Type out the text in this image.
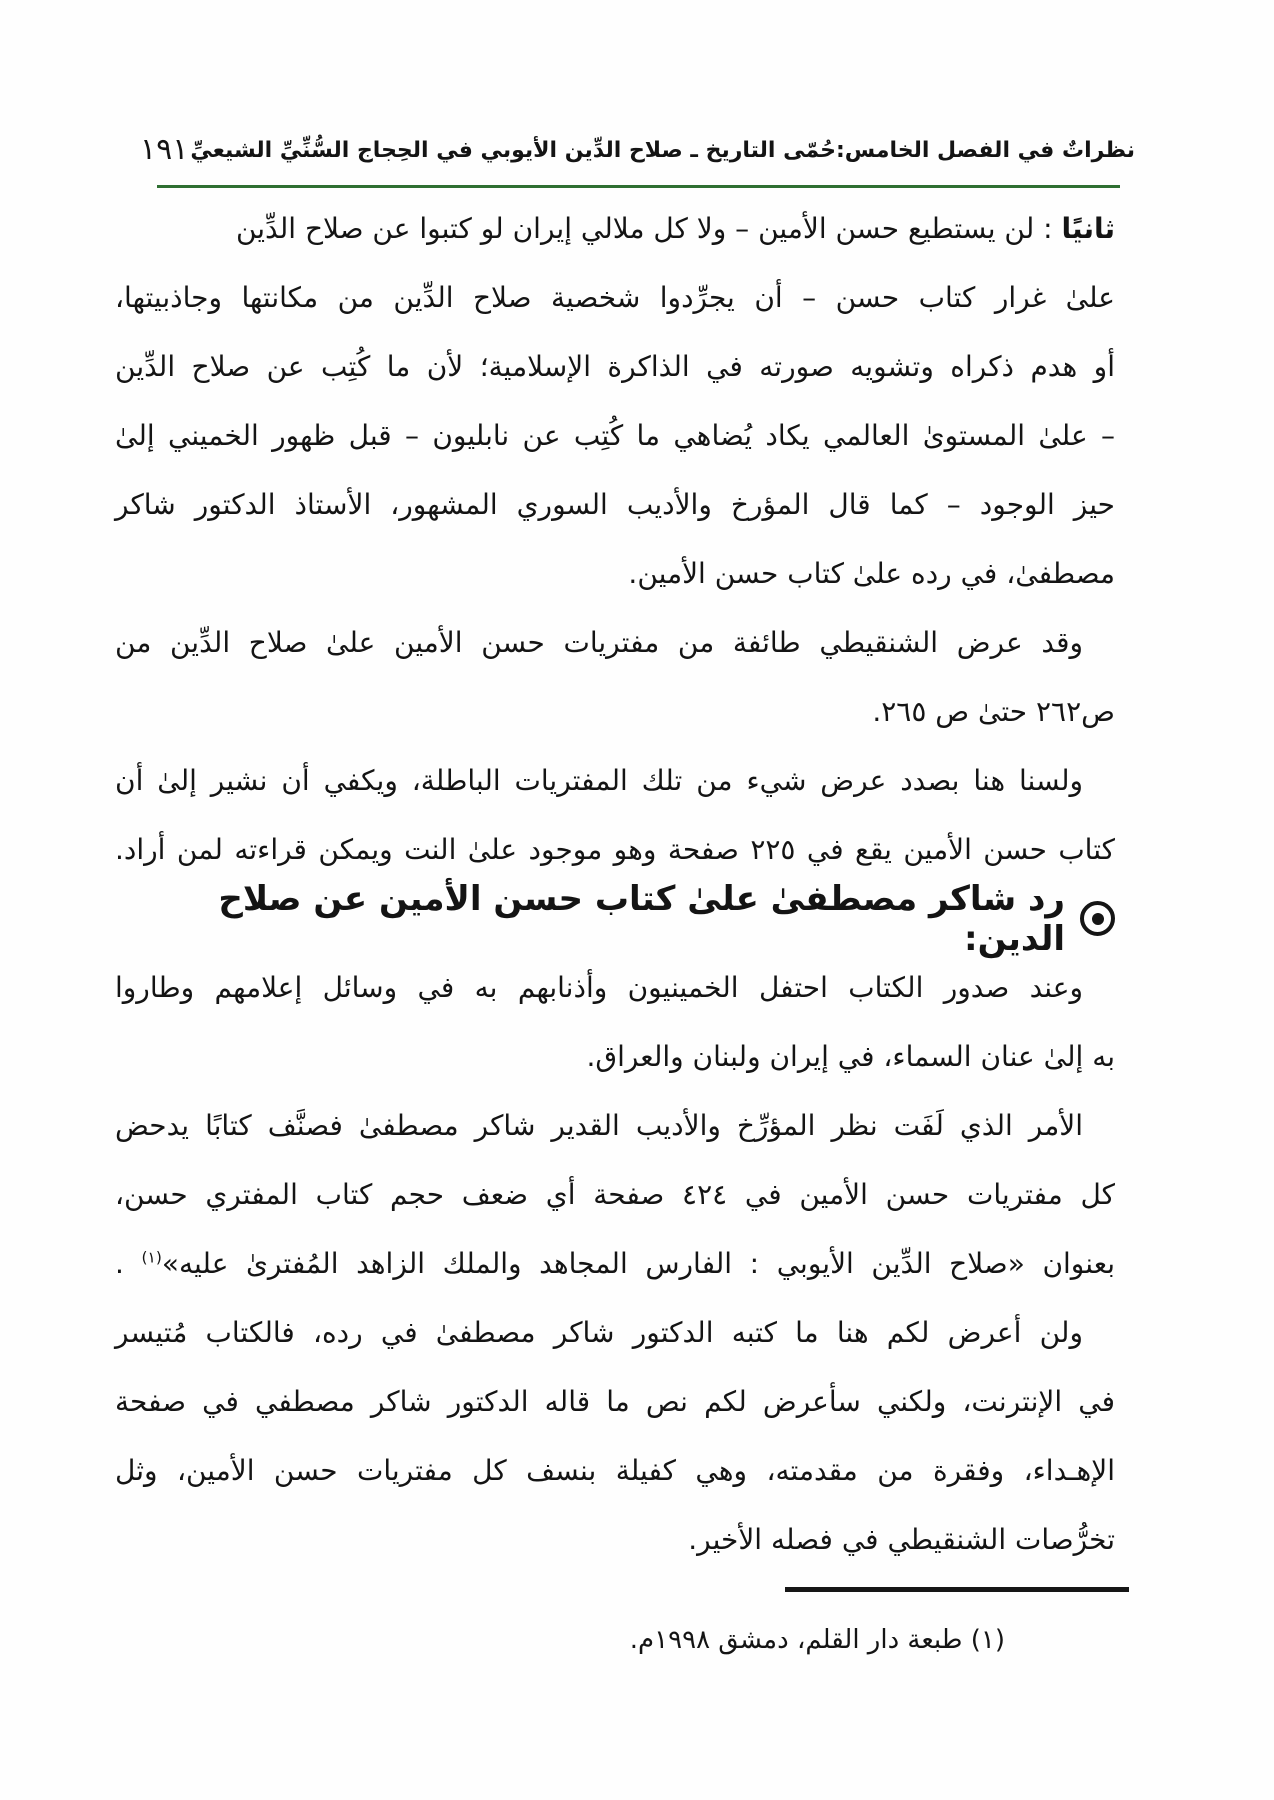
١٩١ نظراتٌ في الفصل الخامس:حُمّى التاريخ ـ صلاح الدِّين الأيوبي في الحِجاج السُّنِّيِّ الشيعيِّ

ثانيًا : لن يستطيع حسن الأمين – ولا كل ملالي إيران لو كتبوا عن صلاح الدِّين
علىٰ غرار كتاب حسن – أن يجرِّدوا شخصية صلاح الدِّين من مكانتها وجاذبيتها،
أو هدم ذكراه وتشويه صورته في الذاكرة الإسلامية؛ لأن ما كُتِب عن صلاح الدِّين
– علىٰ المستوىٰ العالمي يكاد يُضاهي ما كُتِب عن نابليون – قبل ظهور الخميني إلىٰ
حيز الوجود – كما قال المؤرخ والأديب السوري المشهور، الأستاذ الدكتور شاكر
مصطفىٰ، في رده علىٰ كتاب حسن الأمين.

وقد عرض الشنقيطي طائفة من مفتريات حسن الأمين علىٰ صلاح الدِّين من
ص٢٦٢ حتىٰ ص ٢٦٥.

ولسنا هنا بصدد عرض شيء من تلك المفتريات الباطلة، ويكفي أن نشير إلىٰ أن
كتاب حسن الأمين يقع في ٢٢٥ صفحة وهو موجود علىٰ النت ويمكن قراءته لمن أراد.

رد شاكر مصطفىٰ علىٰ كتاب حسن الأمين عن صلاح الدين:

وعند صدور الكتاب احتفل الخمينيون وأذنابهم به في وسائل إعلامهم وطاروا
به إلىٰ عنان السماء، في إيران ولبنان والعراق.

الأمر الذي لَفَت نظر المؤرِّخ والأديب القدير شاكر مصطفىٰ فصنَّف كتابًا يدحض
كل مفتريات حسن الأمين في ٤٢٤ صفحة أي ضعف حجم كتاب المفتري حسن،
بعنوان «صلاح الدِّين الأيوبي : الفارس المجاهد والملك الزاهد المُفترىٰ عليه»$^{(١)}$ .

ولن أعرض لكم هنا ما كتبه الدكتور شاكر مصطفىٰ في رده، فالكتاب مُتيسر
في الإنترنت، ولكني سأعرض لكم نص ما قاله الدكتور شاكر مصطفي في صفحة
الإهـداء، وفقرة من مقدمته، وهي كفيلة بنسف كل مفتريات حسن الأمين، وثل
تخرُّصات الشنقيطي في فصله الأخير.

(١) طبعة دار القلم، دمشق ١٩٩٨م.
